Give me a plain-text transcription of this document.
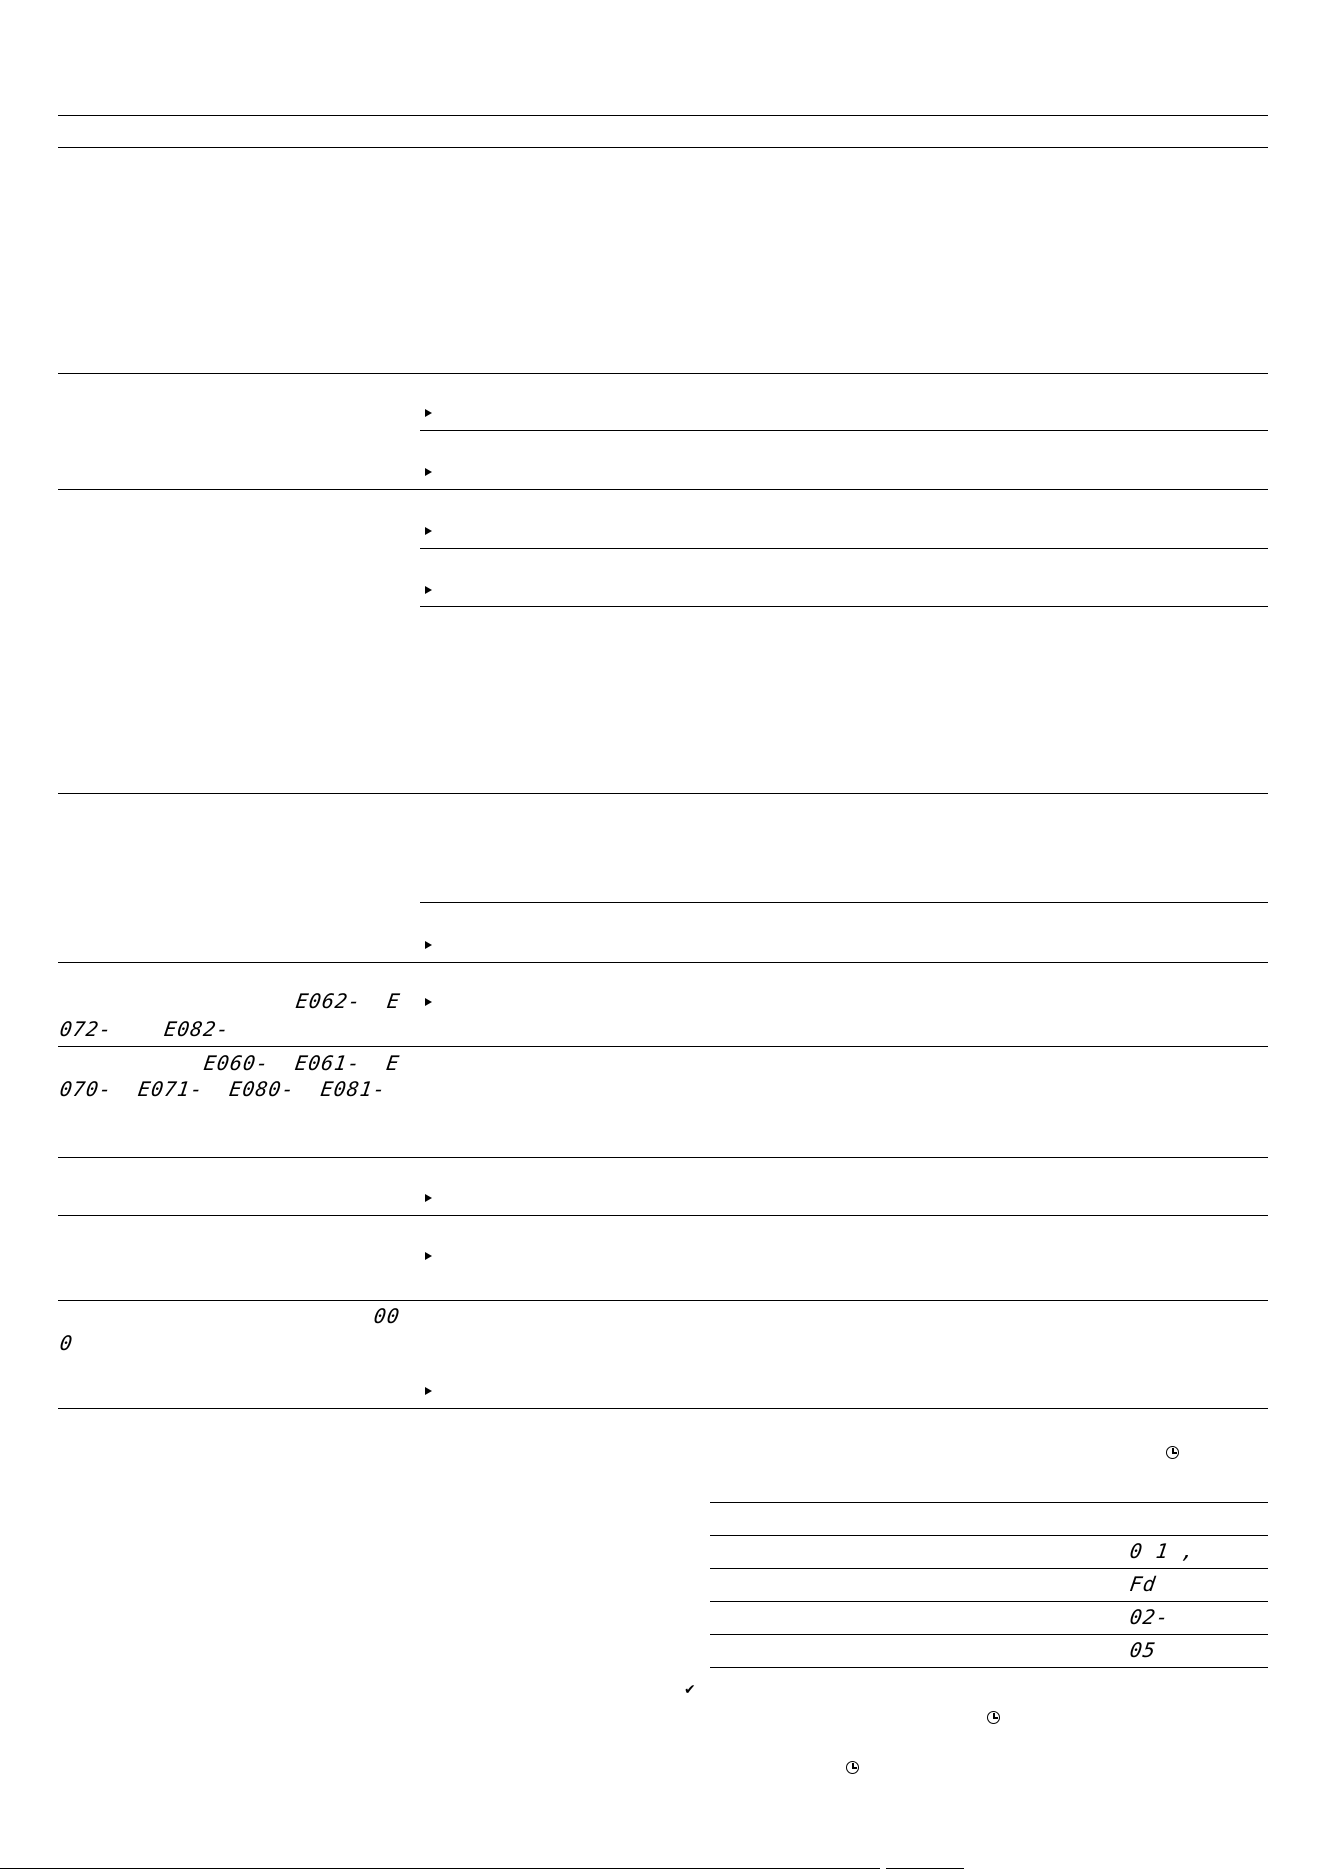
E062-  E
072-    E082-
E060-  E061-  E
070-  E071-  E080-  E081-
00
0
0 1 ,
Fd
02-
05
✔
